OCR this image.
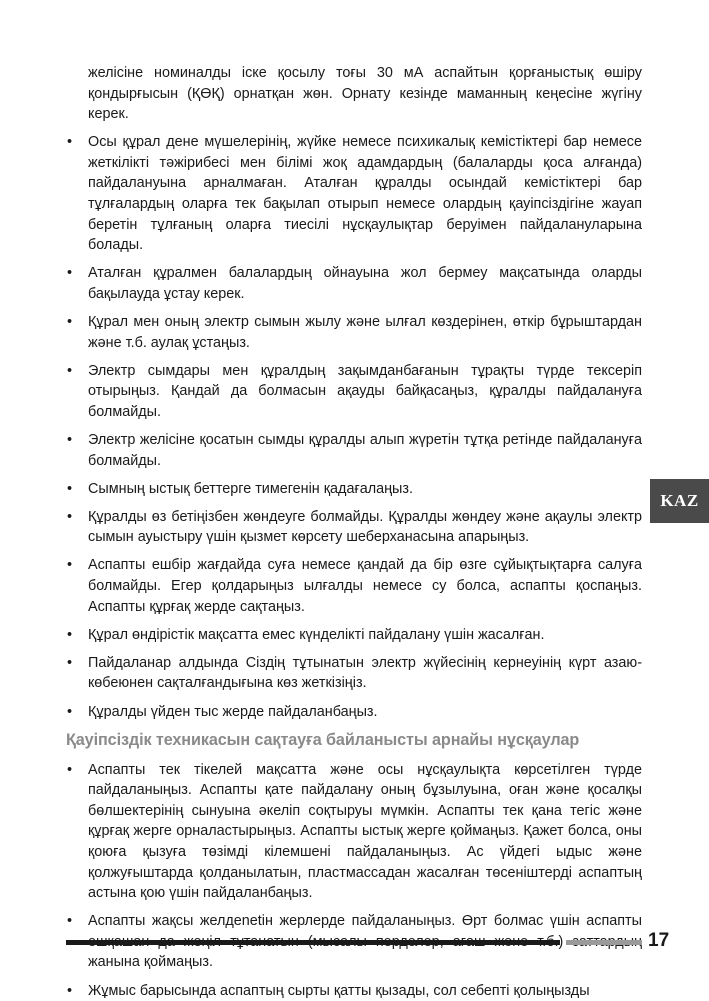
желісіне номиналды іске қосылу тоғы 30 мА аспайтын қорғаныстық өшіру қондырғысын (ҚӨҚ) орнатқан жөн. Орнату кезінде маманның кеңесіне жүгіну керек.

• Осы құрал дене мүшелерінің, жүйке немесе психикалық кемістіктері бар немесе жеткілікті тәжірибесі мен білімі жоқ адамдардың (балаларды қоса алғанда) пайдалануына арналмаған. Аталған құралды осындай кемістіктері бар тұлғалардың оларға тек бақылап отырып немесе олардың қауіпсіздігіне жауап беретін тұлғаның оларға тиесілі нұсқаулықтар беруімен пайдалануларына болады.

• Аталған құралмен балалардың ойнауына жол бермеу мақсатында оларды бақылауда ұстау керек.

• Құрал мен оның электр сымын жылу және ылғал көздерінен, өткір бұрыштардан және т.б. аулақ ұстаңыз.

• Электр сымдары мен құралдың зақымданбағанын тұрақты түрде тексеріп отырыңыз. Қандай да болмасын ақауды байқасаңыз, құралды пайдалануға болмайды.

• Электр желісіне қосатын сымды құралды алып жүретін тұтқа ретінде пайдалануға болмайды.

• Сымның ыстық беттерге тимегенін қадағалаңыз.

• Құралды өз бетіңізбен жөндеуге болмайды. Құралды жөндеу және ақаулы электр сымын ауыстыру үшін қызмет көрсету шеберханасына апарыңыз.

• Аспапты ешбір жағдайда суға немесе қандай да бір өзге сұйықтықтарға салуға болмайды. Егер қолдарыңыз ылғалды немесе су болса, аспапты қоспаңыз. Аспапты құрғақ жерде сақтаңыз.

• Құрал өндірістік мақсатта емес күнделікті пайдалану үшін жасалған.

• Пайдаланар алдында Сіздің тұтынатын электр жүйесінің кернеуінің күрт азаю-көбеюнен сақталғандығына көз жеткізіңіз.

• Құралды үйден тыс жерде пайдаланбаңыз.

Қауіпсіздік техникасын сақтауға байланысты арнайы нұсқаулар
• Аспапты тек тікелей мақсатта және осы нұсқаулықта көрсетілген түрде пайдаланыңыз. Аспапты қате пайдалану оның бұзылуына, оған және қосалқы бөлшектерінің сынуына әкеліп соқтыруы мүмкін. Аспапты тек қана тегіс және құрғақ жерге орналастырыңыз. Аспапты ыстық жерге қоймаңыз. Қажет болса, оны қоюға қызуға төзімді кілемшені пайдаланыңыз. Ас үйдегі ыдыс және қолжуғыштарда қолданылатын, пластмассадан жасалған төсеніштерді аспаптың астына қою үшін пайдаланбаңыз.

• Аспапты жақсы желдenetін жерлерде пайдаланыңыз. Өрт болмас үшін аспапты жанына қоймаңыз.

• Жұмыс барысында аспаптың сырты қатты қызады, сол себепті қолыңызды

KAZ
17
